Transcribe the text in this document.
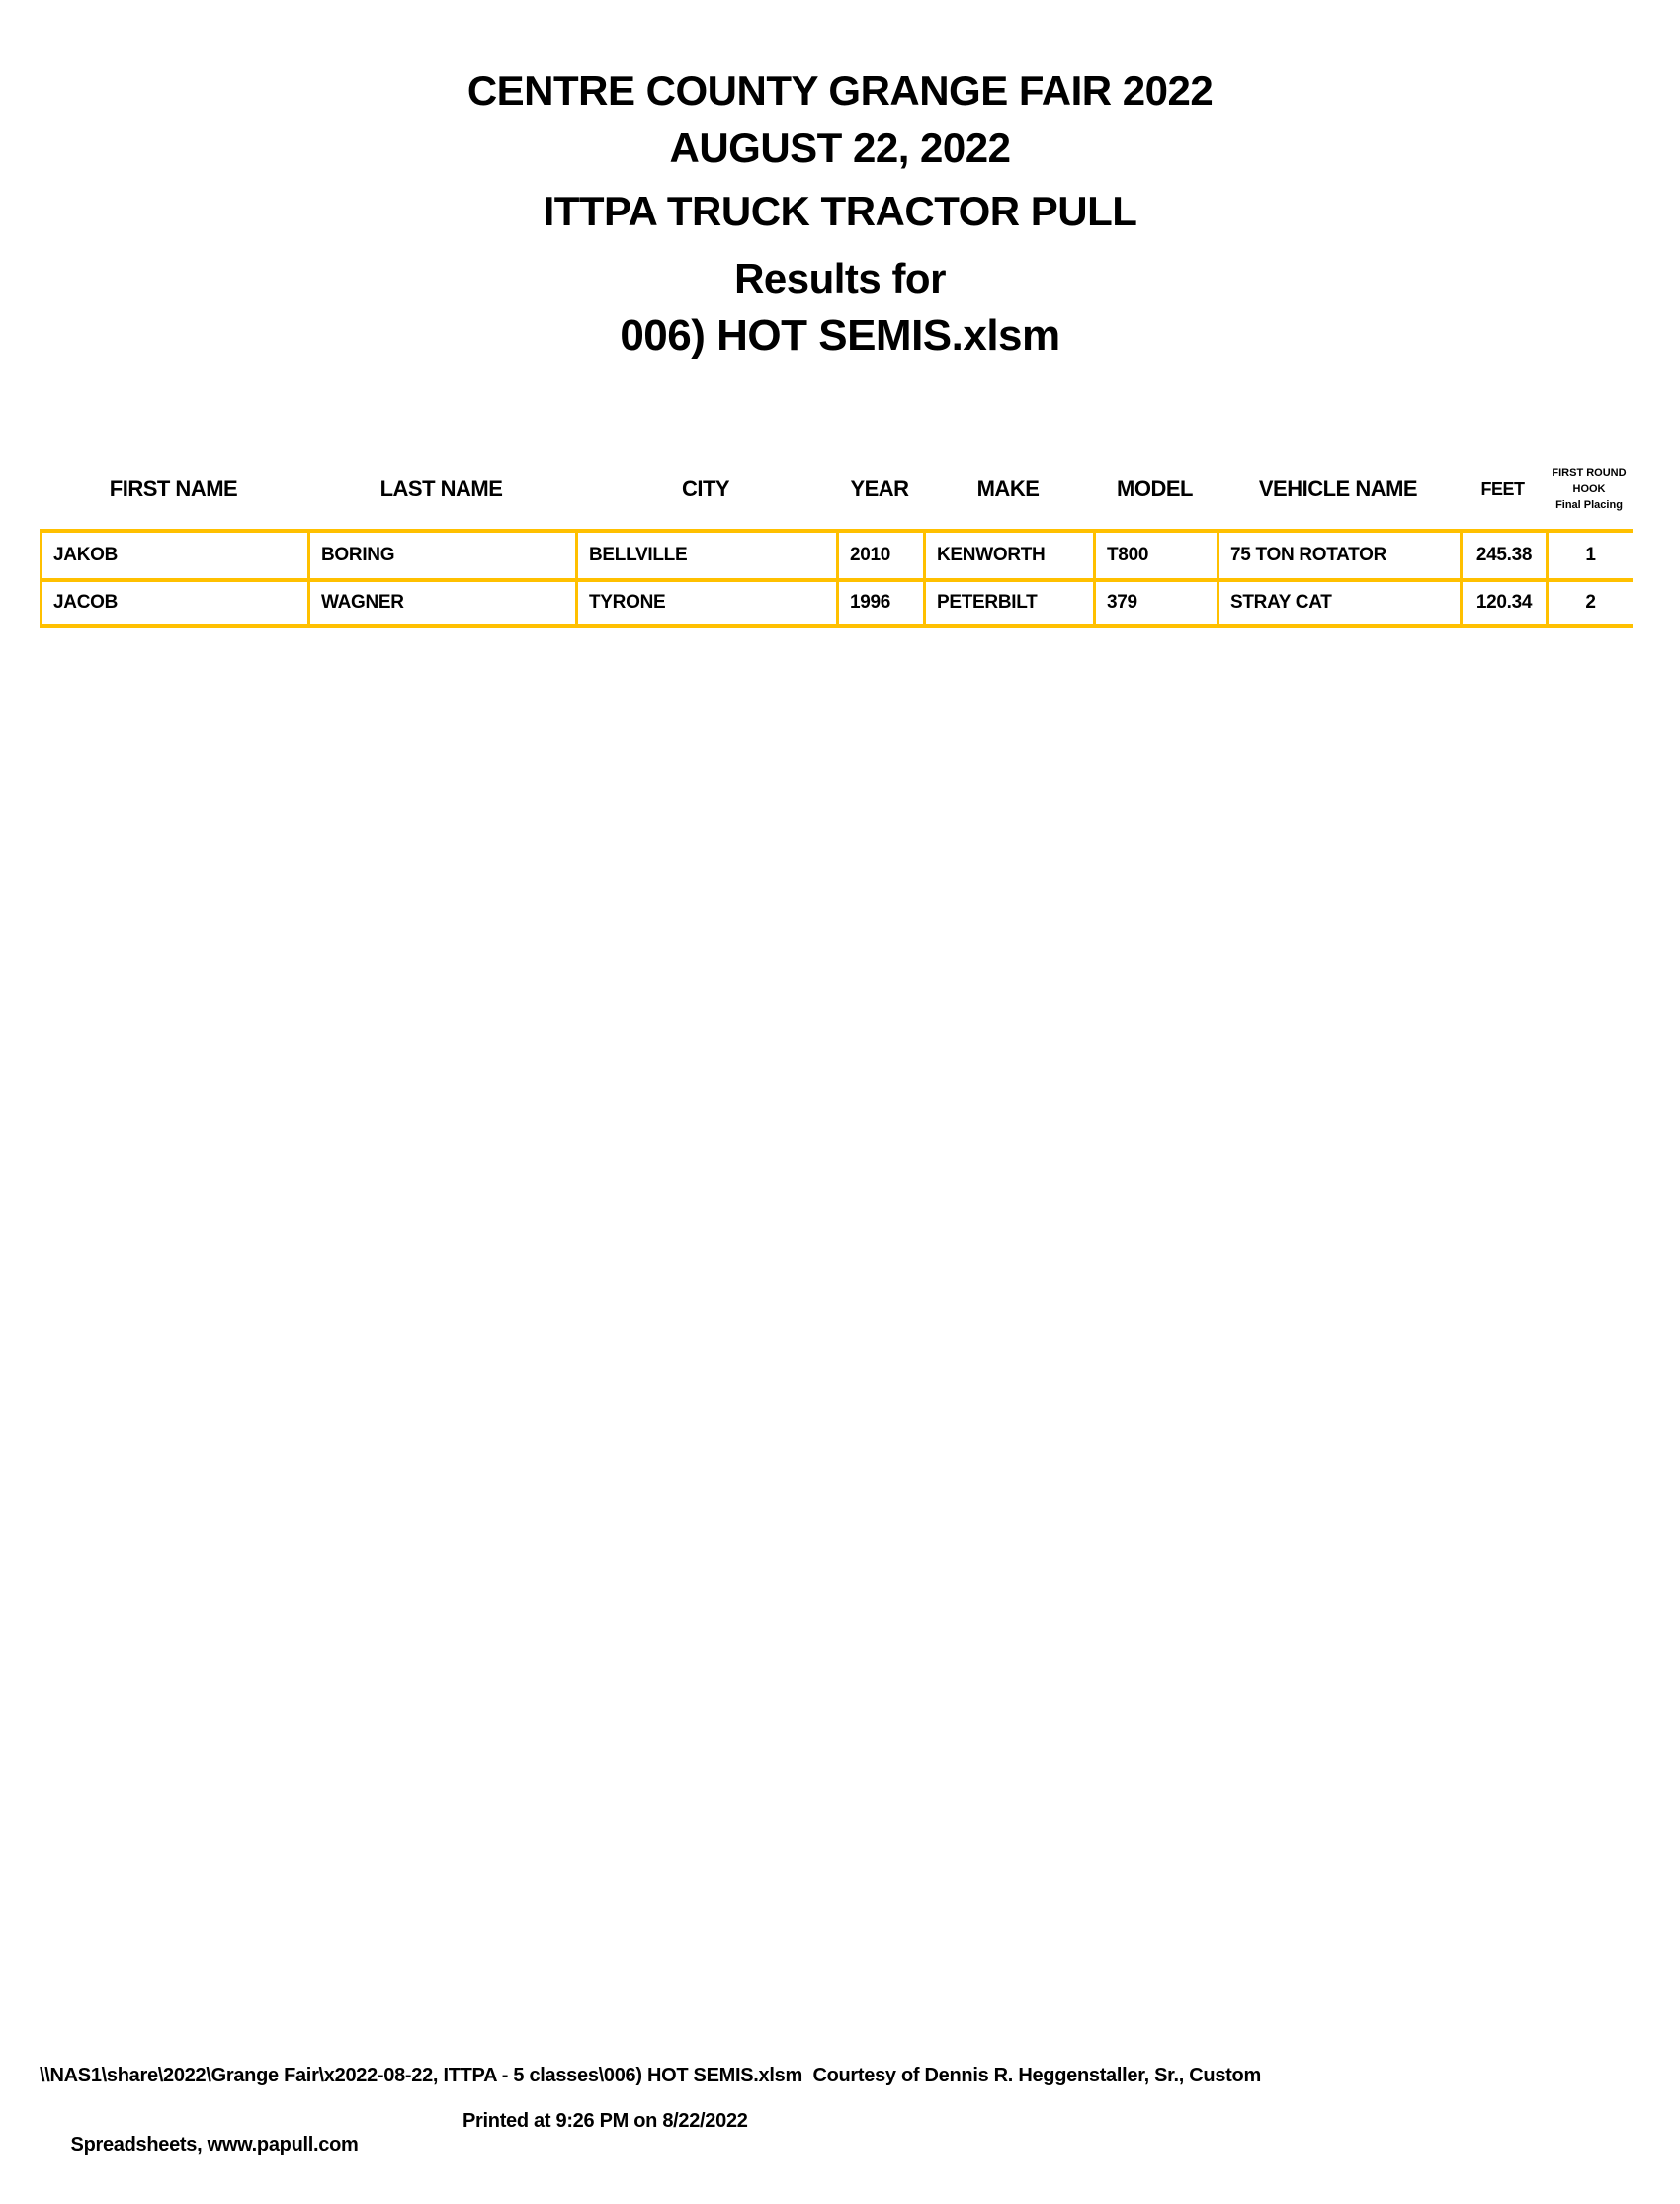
CENTRE COUNTY GRANGE FAIR 2022
AUGUST 22, 2022
ITTPA TRUCK TRACTOR PULL
Results for
006) HOT SEMIS.xlsm
FIRST NAME	LAST NAME	CITY	YEAR	MAKE	MODEL	VEHICLE NAME	FEET
FIRST ROUND
HOOK
Final Placing
JAKOB	BORING	BELLVILLE	2010	KENWORTH	T800	75 TON ROTATOR	245.38	1
JACOB	WAGNER	TYRONE	1996	PETERBILT	379	STRAY CAT	120.34	2
\\NAS1\share\2022\Grange Fair\x2022-08-22, ITTPA - 5 classes\006) HOT SEMIS.xlsm  Courtesy of Dennis R. Heggenstaller, Sr., Custom

Spreadsheets, www.papull.com

Printed at 9:26 PM on 8/22/2022
